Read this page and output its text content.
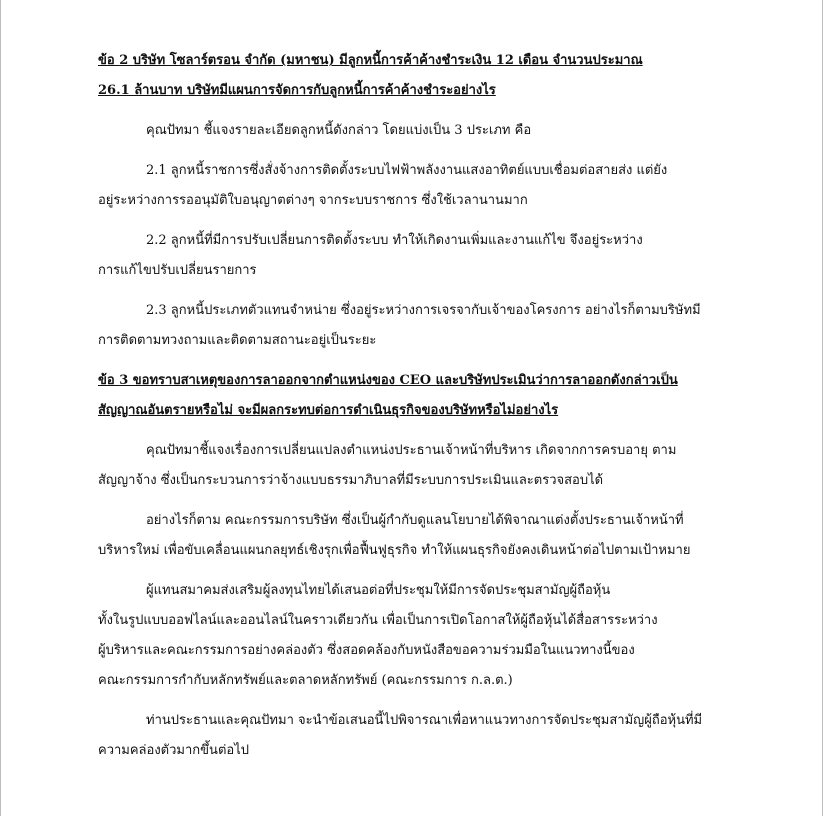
ข้อ 2 บริษัท โซลาร์ตรอน จำกัด (มหาชน) มีลูกหนี้การค้าค้างชำระเงิน 12 เดือน จำนวนประมาณ

26.1 ล้านบาท บริษัทมีแผนการจัดการกับลูกหนี้การค้าค้างชำระอย่างไร

คุณปัทมา ชี้แจงรายละเอียดลูกหนี้ดังกล่าว โดยแบ่งเป็น 3 ประเภท คือ

2.1 ลูกหนี้ราชการซึ่งสั่งจ้างการติดตั้งระบบไฟฟ้าพลังงานแสงอาทิตย์แบบเชื่อมต่อสายส่ง แต่ยัง

อยู่ระหว่างการรออนุมัติใบอนุญาตต่างๆ จากระบบราชการ ซึ่งใช้เวลานานมาก

2.2 ลูกหนี้ที่มีการปรับเปลี่ยนการติดตั้งระบบ ทำให้เกิดงานเพิ่มและงานแก้ไข จึงอยู่ระหว่าง

การแก้ไขปรับเปลี่ยนรายการ

2.3 ลูกหนี้ประเภทตัวแทนจำหน่าย ซึ่งอยู่ระหว่างการเจรจากับเจ้าของโครงการ อย่างไรก็ตามบริษัทมี

การติดตามทวงถามและติดตามสถานะอยู่เป็นระยะ

ข้อ 3 ขอทราบสาเหตุของการลาออกจากตำแหน่งของ CEO และบริษัทประเมินว่าการลาออกดังกล่าวเป็น

สัญญาณอันตรายหรือไม่ จะมีผลกระทบต่อการดำเนินธุรกิจของบริษัทหรือไม่อย่างไร

คุณปัทมาชี้แจงเรื่องการเปลี่ยนแปลงตำแหน่งประธานเจ้าหน้าที่บริหาร เกิดจากการครบอายุ ตาม

สัญญาจ้าง ซึ่งเป็นกระบวนการว่าจ้างแบบธรรมาภิบาลที่มีระบบการประเมินและตรวจสอบได้

อย่างไรก็ตาม คณะกรรมการบริษัท ซึ่งเป็นผู้กำกับดูแลนโยบายได้พิจาณาแต่งตั้งประธานเจ้าหน้าที่

บริหารใหม่ เพื่อขับเคลื่อนแผนกลยุทธ์เชิงรุกเพื่อฟื้นฟูธุรกิจ ทำให้แผนธุรกิจยังคงเดินหน้าต่อไปตามเป้าหมาย

ผู้แทนสมาคมส่งเสริมผู้ลงทุนไทยได้เสนอต่อที่ประชุมให้มีการจัดประชุมสามัญผู้ถือหุ้น

ทั้งในรูปแบบออฟไลน์และออนไลน์ในคราวเดียวกัน เพื่อเป็นการเปิดโอกาสให้ผู้ถือหุ้นได้สื่อสารระหว่าง

ผู้บริหารและคณะกรรมการอย่างคล่องตัว ซึ่งสอดคล้องกับหนังสือขอความร่วมมือในแนวทางนี้ของ

คณะกรรมการกำกับหลักทรัพย์และตลาดหลักทรัพย์ (คณะกรรมการ ก.ล.ต.)

ท่านประธานและคุณปัทมา จะนำข้อเสนอนี้ไปพิจารณาเพื่อหาแนวทางการจัดประชุมสามัญผู้ถือหุ้นที่มี

ความคล่องตัวมากขึ้นต่อไป
